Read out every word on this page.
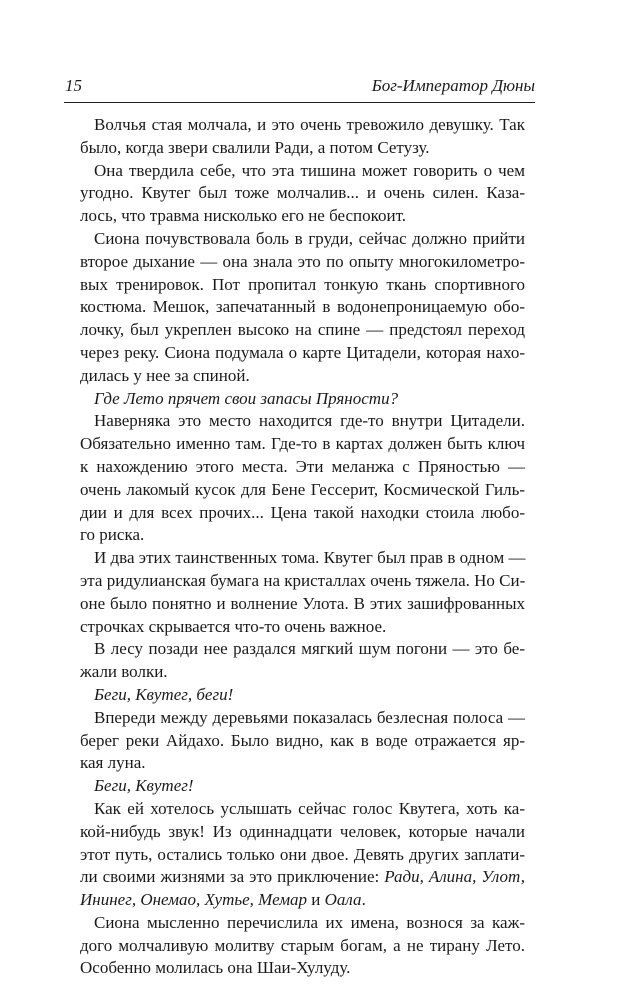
15	Бог-Император Дюны
Волчья стая молчала, и это очень тревожило девушку. Так
было, когда звери свалили Ради, а потом Сетузу.
Она твердила себе, что эта тишина может говорить о чем
угодно. Квутег был тоже молчалив... и очень силен. Каза-
лось, что травма нисколько его не беспокоит.
Сиона почувствовала боль в груди, сейчас должно прийти
второе дыхание — она знала это по опыту многокилометро-
вых тренировок. Пот пропитал тонкую ткань спортивного
костюма. Мешок, запечатанный в водонепроницаемую обо-
лочку, был укреплен высоко на спине — предстоял переход
через реку. Сиона подумала о карте Цитадели, которая нахо-
дилась у нее за спиной.
Где Лето прячет свои запасы Пряности?
Наверняка это место находится где-то внутри Цитадели.
Обязательно именно там. Где-то в картах должен быть ключ
к нахождению этого места. Эти меланжа с Пряностью —
очень лакомый кусок для Бене Гессерит, Космической Гиль-
дии и для всех прочих... Цена такой находки стоила любо-
го риска.
И два этих таинственных тома. Квутег был прав в одном —
эта ридулианская бумага на кристаллах очень тяжела. Но Си-
оне было понятно и волнение Улота. В этих зашифрованных
строчках скрывается что-то очень важное.
В лесу позади нее раздался мягкий шум погони — это бе-
жали волки.
Беги, Квутег, беги!
Впереди между деревьями показалась безлесная полоса —
берег реки Айдахо. Было видно, как в воде отражается яр-
кая луна.
Беги, Квутег!
Как ей хотелось услышать сейчас голос Квутега, хоть ка-
кой-нибудь звук! Из одиннадцати человек, которые начали
этот путь, остались только они двое. Девять других заплати-
ли своими жизнями за это приключение: Ради, Алина, Улот,
Ининег, Онемао, Хутье, Мемар и Оала.
Сиона мысленно перечислила их имена, вознося за каж-
дого молчаливую молитву старым богам, а не тирану Лето.
Особенно молилась она Шаи-Хулуду.
